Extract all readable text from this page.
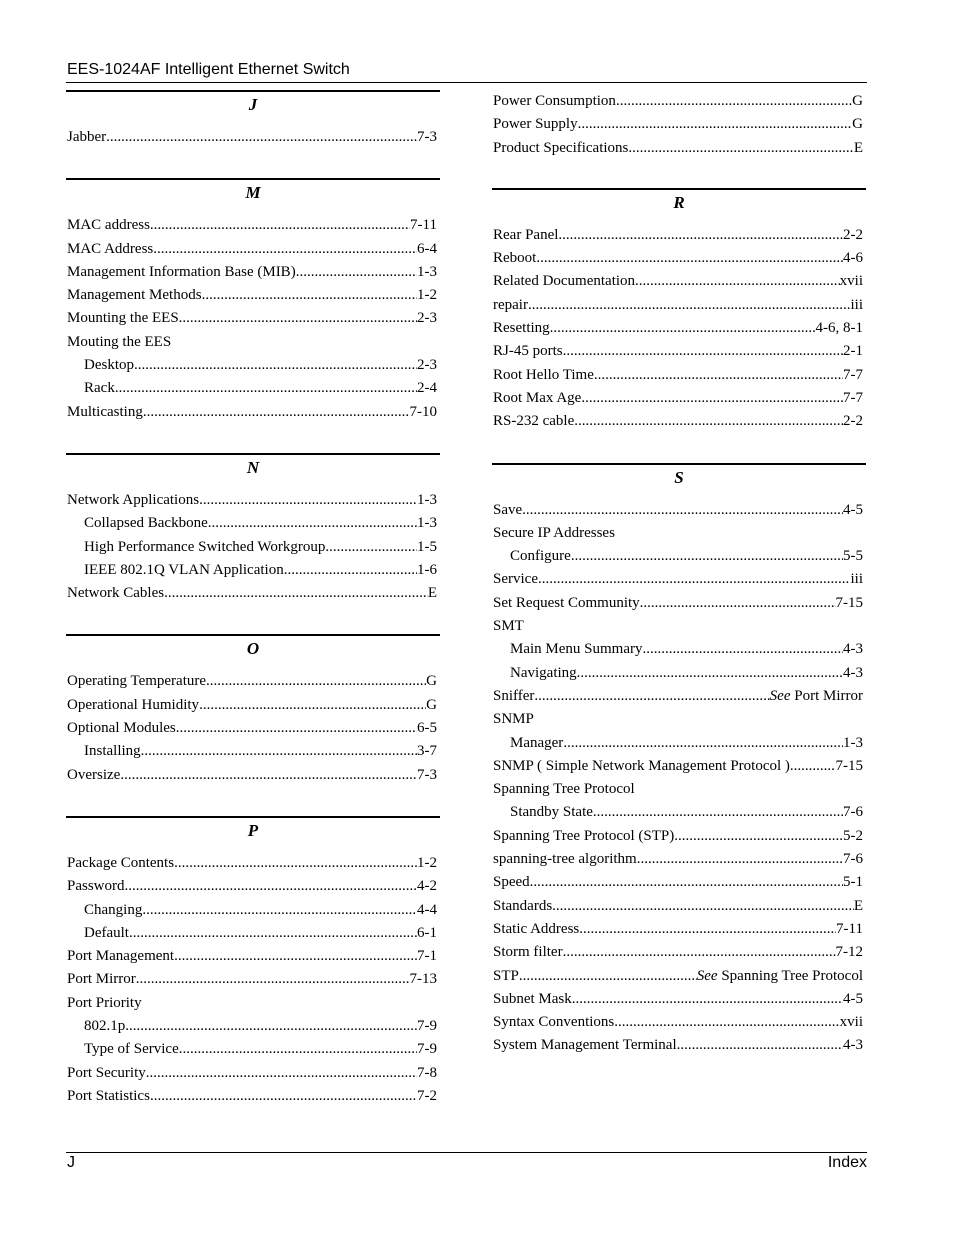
EES-1024AF Intelligent Ethernet Switch
J
Jabber .....	7-3
M
MAC address .....	7-11
MAC Address .....	6-4
Management Information Base (MIB) .....	1-3
Management Methods .....	1-2
Mounting the EES .....	2-3
Mouting the EES
Desktop .....	2-3
Rack .....	2-4
Multicasting .....	7-10
N
Network Applications .....	1-3
Collapsed Backbone .....	1-3
High Performance Switched Workgroup .....	1-5
IEEE 802.1Q VLAN Application .....	1-6
Network Cables .....	E
O
Operating Temperature .....	G
Operational Humidity .....	G
Optional Modules .....	6-5
Installing .....	3-7
Oversize .....	7-3
P
Package Contents .....	1-2
Password .....	4-2
Changing .....	4-4
Default .....	6-1
Port Management .....	7-1
Port Mirror .....	7-13
Port Priority
802.1p .....	7-9
Type of Service .....	7-9
Port Security .....	7-8
Port Statistics .....	7-2
Power Consumption .....	G
Power Supply .....	G
Product Specifications .....	E
R
Rear Panel .....	2-2
Reboot .....	4-6
Related Documentation .....	xvii
repair .....	iii
Resetting .....	4-6, 8-1
RJ-45 ports .....	2-1
Root Hello Time .....	7-7
Root Max Age .....	7-7
RS-232 cable .....	2-2
S
Save .....	4-5
Secure IP Addresses
Configure .....	5-5
Service .....	iii
Set Request Community .....	7-15
SMT
Main Menu Summary .....	4-3
Navigating .....	4-3
Sniffer .....	See Port Mirror
SNMP
Manager .....	1-3
SNMP ( Simple Network Management Protocol ) .....	7-15
Spanning Tree Protocol
Standby State .....	7-6
Spanning Tree Protocol (STP) .....	5-2
spanning-tree algorithm .....	7-6
Speed .....	5-1
Standards .....	E
Static Address .....	7-11
Storm filter .....	7-12
STP .....	See Spanning Tree Protocol
Subnet Mask .....	4-5
Syntax Conventions .....	xvii
System Management Terminal .....	4-3
J	Index
